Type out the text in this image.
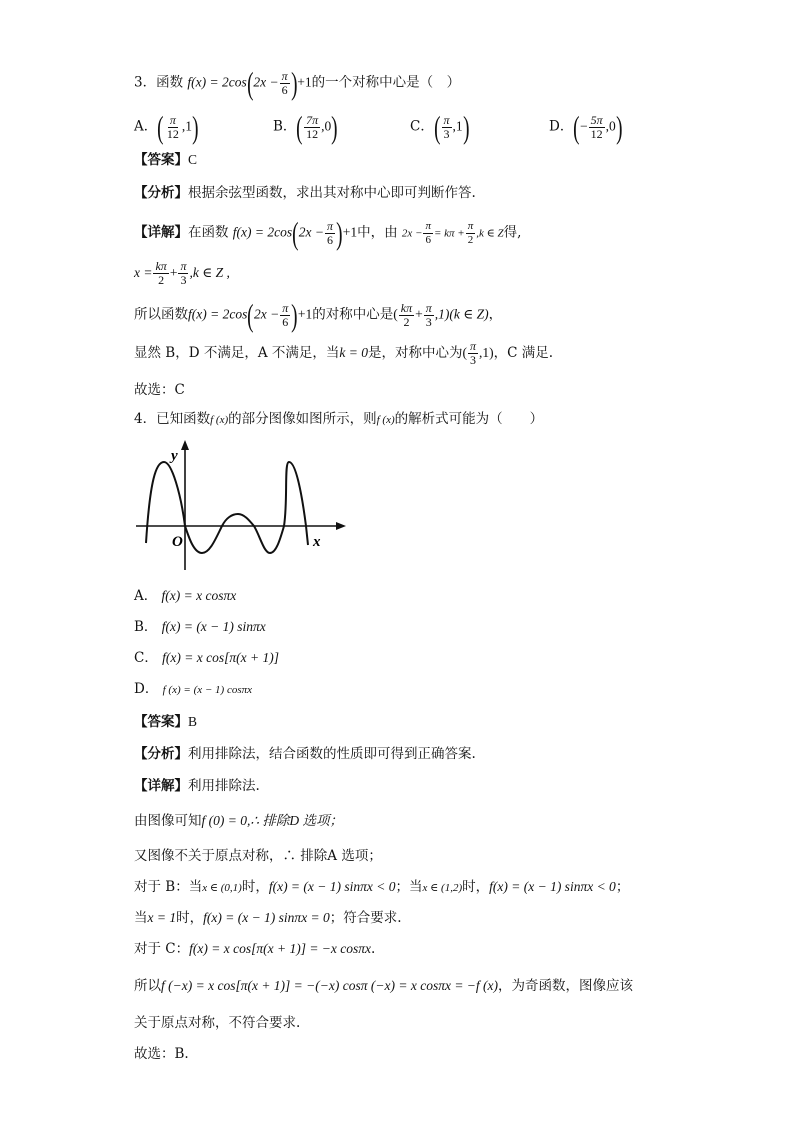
3．函数 $f(x) = 2\cos(2x - \frac{\pi}{6} )+1$的一个对称中心是（　）
A．( $\frac{\pi}{12} ,1$)	B．( $\frac{7\pi}{12} ,0$)	C．( $\frac{\pi}{3} ,1$)	D．(− $\frac{5\pi}{12} ,0$)
【答案】C
【分析】根据余弦型函数，求出其对称中心即可判断作答.
【详解】在函数 $f(x) = 2\cos(2x - \frac{\pi}{6} )+1$中，由 $2x - \frac{\pi}{6} = k\pi + \frac{\pi}{2} ,k$ ∈ Z得,
$x = \frac{k\pi}{2} + \frac{\pi}{3} ,k$ ∈ Z ,
所以函数$f(x) = 2\cos(2x - \frac{\pi}{6} )+1$的对称中心是( $\frac{k\pi}{2} + \frac{\pi}{3} ,1)(k$ ∈ Z)，
显然 B，D 不满足，A 不满足，当k = 0是，对称中心为( $\frac{\pi}{3} ,1$)，C 满足.
故选：C
4．已知函数f (x)的部分图像如图所示，则f (x)的解析式可能为（　　）
y
x
O
A． f(x) = x cosπx
B． f(x) = (x − 1) sinπx
C． f(x) = x cos[π(x + 1)]
D． f (x) = (x − 1) cosπx
【答案】B
【分析】利用排除法，结合函数的性质即可得到正确答案.
【详解】利用排除法.
由图像可知f (0) = 0,∴ 排除D 选项；
又图像不关于原点对称，∴ 排除A 选项；
对于 B：当x ∈ (0,1)时，f(x) = (x − 1) sinπx < 0；当x ∈ (1,2)时，f(x) = (x − 1) sinπx < 0；
当x = 1时，f(x) = (x − 1) sinπx = 0；符合要求.
对于 C：f(x) = x cos[π(x + 1)] = −x cosπx.
所以f (−x) = x cos[π(x + 1)] = −(−x) cosπ (−x) = x cosπx = −f (x)，为奇函数，图像应该
关于原点对称，不符合要求.
故选：B.
